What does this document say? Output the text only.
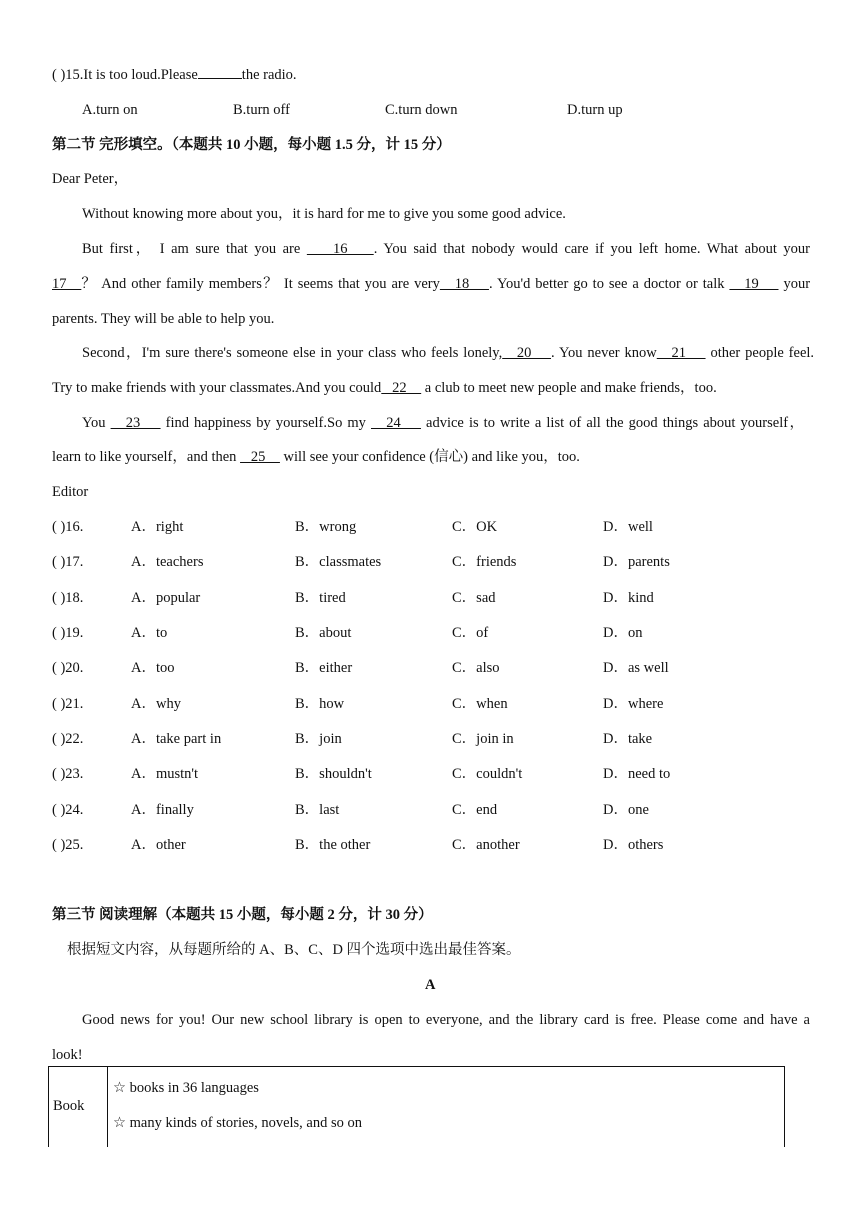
( )15.It is too loud.Please	the radio.
A.turn on	B.turn off	C.turn down	D.turn up
第二节 完形填空。（本题共 10 小题，每小题 1.5 分，计 15 分）
Dear Peter，
Without knowing more about you，it is hard for me to give you some good advice.
But first， I am sure that you are     16    . You said that nobody would care if you left home. What about your
17   ？ And other family members？ It seems that you are very   18    . You'd better go to see a doctor or talk    19     your
parents. They will be able to help you.
Second，I'm sure there's someone else in your class who feels lonely,   20    . You never know   21     other people feel.
Try to make friends with your classmates.And you could   22     a club to meet new people and make friends，too.
You    23     find happiness by yourself.So my    24     advice is to write a list of all the good things about yourself，
learn to like yourself，and then    25     will see your confidence (信心) and like you，too.
Editor
( )16.	A．right	B．wrong	C．OK	D．well
( )17.	A．teachers	B．classmates	C．friends	D．parents
( )18.	A．popular	B．tired	C．sad	D．kind
( )19.	A．to	B．about	C．of	D．on
( )20.	A．too	B．either	C．also	D．as well
( )21.	A．why	B．how	C．when	D．where
( )22.	A．take part in	B．join	C．join in	D．take
( )23.	A．mustn't	B．shouldn't	C．couldn't	D．need to
( )24.	A．finally	B．last	C．end	D．one
( )25.	A．other	B．the other	C．another	D．others
第三节 阅读理解（本题共 15 小题，每小题 2 分，计 30 分）
根据短文内容，从每题所给的 A、B、C、D 四个选项中选出最佳答案。
A
Good news for you! Our new school library is open to everyone, and the library card is free. Please come and have a
look!
Book
☆ books in 36 languages
☆ many kinds of stories, novels, and so on
